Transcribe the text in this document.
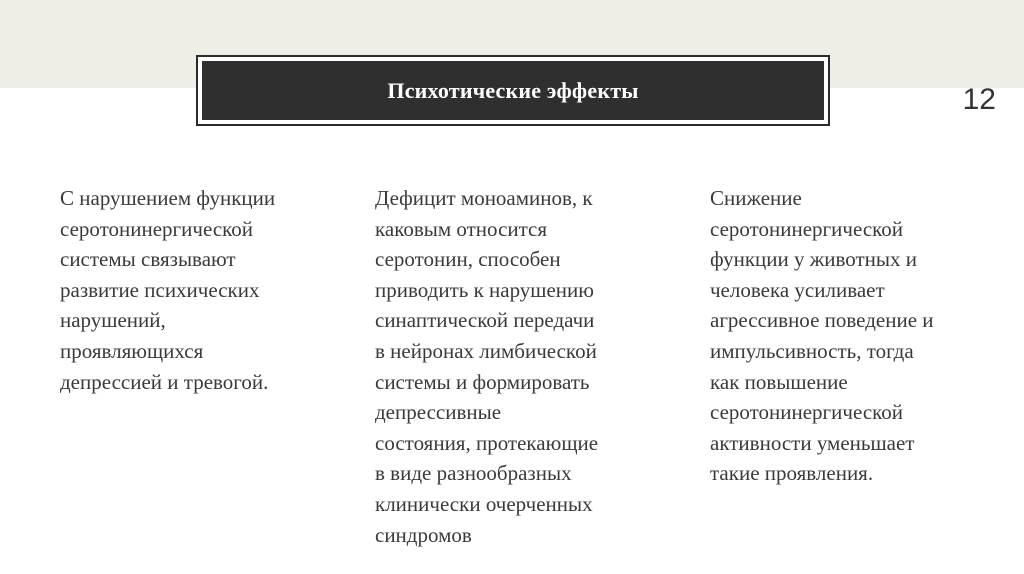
12
Психотические эффекты
С нарушением функции
серотонинергической
системы связывают
развитие психических
нарушений,
проявляющихся
депрессией и тревогой.
Дефицит моноаминов, к
каковым относится
серотонин, способен
приводить к нарушению
синаптической передачи
в нейронах лимбической
системы и формировать
депрессивные
состояния, протекающие
в виде разнообразных
клинически очерченных
синдромов
Снижение
серотонинергической
функции у животных и
человека усиливает
агрессивное поведение и
импульсивность, тогда
как повышение
серотонинергической
активности уменьшает
такие проявления.
